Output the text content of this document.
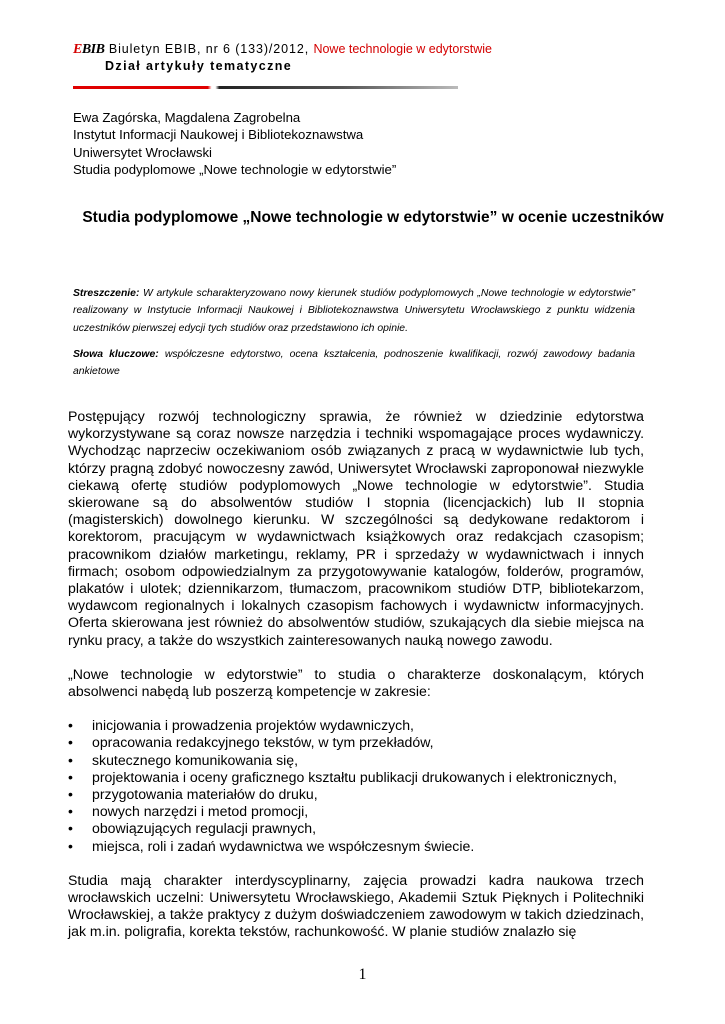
EBIB Biuletyn EBIB, nr 6 (133)/2012, Nowe technologie w edytorstwie
Dział artykuły tematyczne
Ewa Zagórska, Magdalena Zagrobelna
Instytut Informacji Naukowej i Bibliotekoznawstwa
Uniwersytet Wrocławski
Studia podyplomowe „Nowe technologie w edytorstwie”
Studia podyplomowe „Nowe technologie w edytorstwie” w ocenie uczestników
Streszczenie: W artykule scharakteryzowano nowy kierunek studiów podyplomowych „Nowe technologie w edytorstwie” realizowany w Instytucie Informacji Naukowej i Bibliotekoznawstwa Uniwersytetu Wrocławskiego z punktu widzenia uczestników pierwszej edycji tych studiów oraz przedstawiono ich opinie.
Słowa kluczowe: współczesne edytorstwo, ocena kształcenia, podnoszenie kwalifikacji, rozwój zawodowy badania ankietowe
Postępujący rozwój technologiczny sprawia, że również w dziedzinie edytorstwa wykorzystywane są coraz nowsze narzędzia i techniki wspomagające proces wydawniczy. Wychodząc naprzeciw oczekiwaniom osób związanych z pracą w wydawnictwie lub tych, którzy pragną zdobyć nowoczesny zawód, Uniwersytet Wrocławski zaproponował niezwykle ciekawą ofertę studiów podyplomowych „Nowe technologie w edytorstwie”. Studia skierowane są do absolwentów studiów I stopnia (licencjackich) lub II stopnia (magisterskich) dowolnego kierunku. W szczególności są dedykowane redaktorom i korektorom, pracującym w wydawnictwach książkowych oraz redakcjach czasopism; pracownikom działów marketingu, reklamy, PR i sprzedaży w wydawnictwach i innych firmach; osobom odpowiedzialnym za przygotowywanie katalogów, folderów, programów, plakatów i ulotek; dziennikarzom, tłumaczom, pracownikom studiów DTP, bibliotekarzom, wydawcom regionalnych i lokalnych czasopism fachowych i wydawnictw informacyjnych. Oferta skierowana jest również do absolwentów studiów, szukających dla siebie miejsca na rynku pracy, a także do wszystkich zainteresowanych nauką nowego zawodu.
„Nowe technologie w edytorstwie” to studia o charakterze doskonalącym, których absolwenci nabędą lub poszerzą kompetencje w zakresie:
• inicjowania i prowadzenia projektów wydawniczych,
• opracowania redakcyjnego tekstów, w tym przekładów,
• skutecznego komunikowania się,
• projektowania i oceny graficznego kształtu publikacji drukowanych i elektronicznych,
• przygotowania materiałów do druku,
• nowych narzędzi i metod promocji,
• obowiązujących regulacji prawnych,
• miejsca, roli i zadań wydawnictwa we współczesnym świecie.
Studia mają charakter interdyscyplinarny, zajęcia prowadzi kadra naukowa trzech wrocławskich uczelni: Uniwersytetu Wrocławskiego, Akademii Sztuk Pięknych i Politechniki Wrocławskiej, a także praktycy z dużym doświadczeniem zawodowym w takich dziedzinach, jak m.in. poligrafia, korekta tekstów, rachunkowość. W planie studiów znalazło się
1
